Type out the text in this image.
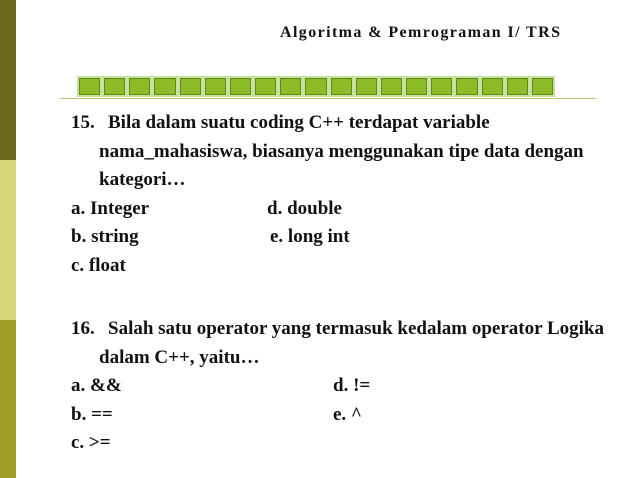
Algoritma & Pemrograman I/ TRS
15. Bila dalam suatu coding C++ terdapat variable nama_mahasiswa, biasanya menggunakan tipe data dengan kategori…
a. Integer	d. double
b. string	e. long int
c. float
16. Salah satu operator yang termasuk kedalam operator Logika dalam C++, yaitu…
a. &&	d. !=
b. ==	e. ^
c. >=
